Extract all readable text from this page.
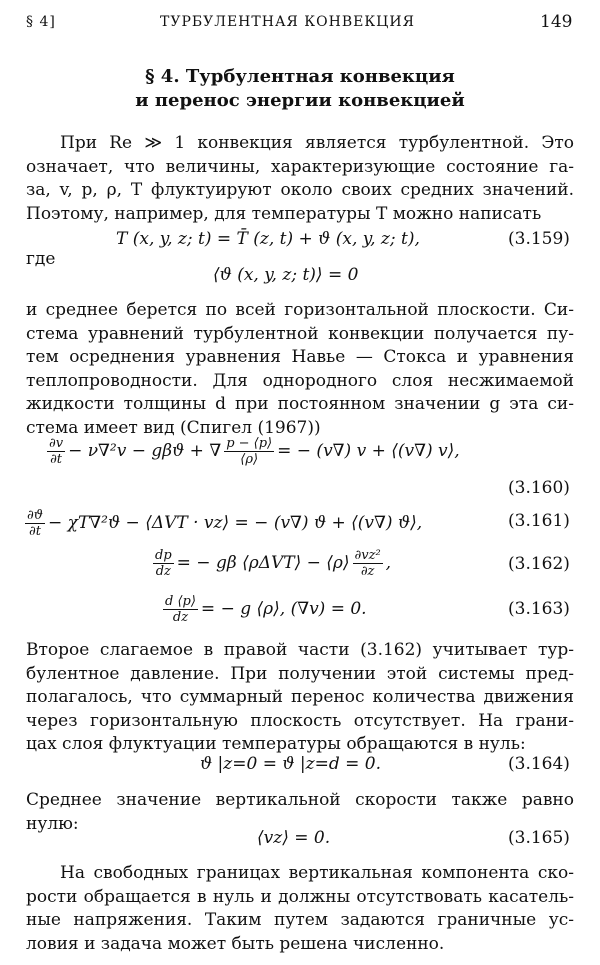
§ 4]	ТУРБУЛЕНТНАЯ КОНВЕКЦИЯ	149
§ 4. Турбулентная конвекция
и перенос энергии конвекцией
При Re ≫ 1 конвекция является турбулентной. Это
означает, что величины, характеризующие состояние га-
за, v, p, ρ, T флуктуируют около своих средних значений.
Поэтому, например, для температуры T можно написать
T (x, y, z; t) = T̄ (z, t) + ϑ (x, y, z; t),	(3.159)
где
⟨ϑ (x, y, z; t)⟩ = 0
и среднее берется по всей горизонтальной плоскости. Си-
стема уравнений турбулентной конвекции получается пу-
тем осреднения уравнения Навье — Стокса и уравнения
теплопроводности. Для однородного слоя несжимаемой
жидкости толщины d при постоянном значении g эта си-
стема имеет вид (Спигел (1967))
$\frac{\partial v}{\partial t} - \nu\nabla^2v - g\beta ϑ$ + ∇ $\frac{p - ⟨p⟩}{⟨\rho⟩}$ = − (v∇) v + ⟨(v∇) v⟩,
(3.160)
$\frac{\partial ϑ}{\partial t} - \chi T\nabla^2ϑ$ − ⟨ΔVT · vz⟩ = − (v∇) ϑ + ⟨(v∇) ϑ⟩,	(3.161)
$\frac{dp}{dz}$ = − gβ ⟨ρΔVT⟩ − ⟨ρ⟩ $\frac{\text{∂vz²}}{\partial z}$ ,	(3.162)
$\frac{d ⟨p⟩}{dz}$ = − g ⟨ρ⟩, (∇v) = 0.	(3.163)
Второе слагаемое в правой части (3.162) учитывает тур-
булентное давление. При получении этой системы пред-
полагалось, что суммарный перенос количества движения
через горизонтальную плоскость отсутствует. На грани-
цах слоя флуктуации температуры обращаются в нуль:
ϑ |z=0 = ϑ |z=d = 0.	(3.164)
Среднее значение вертикальной скорости также равно
нулю:
⟨vz⟩ = 0.	(3.165)
На свободных границах вертикальная компонента ско-
рости обращается в нуль и должны отсутствовать касатель-
ные напряжения. Таким путем задаются граничные ус-
ловия и задача может быть решена численно.
